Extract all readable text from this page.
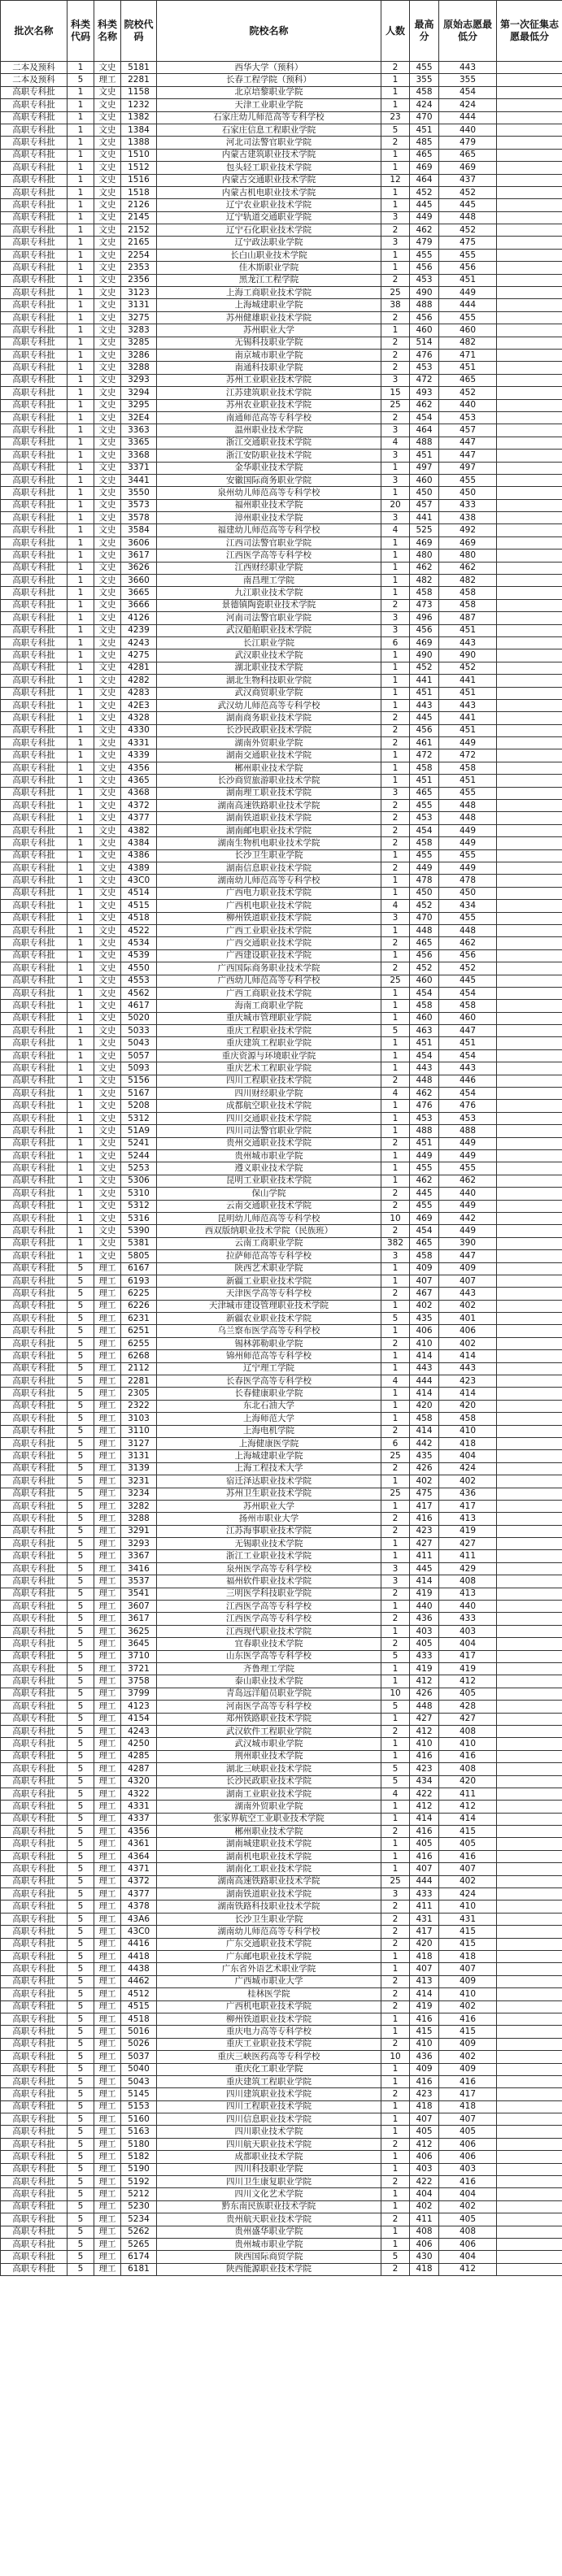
批次名称	科类代码	科类名称	院校代码	院校名称	人数	最高分	原始志愿最低分	第一次征集志愿最低分
二本及预科	1	文史	5181	西华大学（预科）	2	455	443	
二本及预科	5	理工	2281	长春工程学院（预科）	1	355	355	
高职专科批	1	文史	1158	北京培黎职业学院	1	458	454	
高职专科批	1	文史	1232	天津工业职业学院	1	424	424	
高职专科批	1	文史	1382	石家庄幼儿师范高等专科学校	23	470	444	
高职专科批	1	文史	1384	石家庄信息工程职业学院	5	451	440	
高职专科批	1	文史	1388	河北司法警官职业学院	2	485	479	
高职专科批	1	文史	1510	内蒙古建筑职业技术学院	1	465	465	
高职专科批	1	文史	1512	包头轻工职业技术学院	1	469	469	
高职专科批	1	文史	1516	内蒙古交通职业技术学院	12	464	437	
高职专科批	1	文史	1518	内蒙古机电职业技术学院	1	452	452	
高职专科批	1	文史	2126	辽宁农业职业技术学院	1	445	445	
高职专科批	1	文史	2145	辽宁轨道交通职业学院	3	449	448	
高职专科批	1	文史	2152	辽宁石化职业技术学院	2	462	452	
高职专科批	1	文史	2165	辽宁政法职业学院	3	479	475	
高职专科批	1	文史	2254	长白山职业技术学院	1	455	455	
高职专科批	1	文史	2353	佳木斯职业学院	1	456	456	
高职专科批	1	文史	2356	黑龙江工程学院	2	453	451	
高职专科批	1	文史	3123	上海工商职业技术学院	25	490	449	
高职专科批	1	文史	3131	上海城建职业学院	38	488	444	
高职专科批	1	文史	3275	苏州健雄职业技术学院	2	456	455	
高职专科批	1	文史	3283	苏州职业大学	1	460	460	
高职专科批	1	文史	3285	无锡科技职业学院	2	514	482	
高职专科批	1	文史	3286	南京城市职业学院	2	476	471	
高职专科批	1	文史	3288	南通科技职业学院	2	453	451	
高职专科批	1	文史	3293	苏州工业职业技术学院	3	472	465	
高职专科批	1	文史	3294	江苏建筑职业技术学院	15	493	452	
高职专科批	1	文史	3295	苏州农业职业技术学院	25	462	440	
高职专科批	1	文史	32E4	南通师范高等专科学校	2	454	453	
高职专科批	1	文史	3363	温州职业技术学院	3	464	457	
高职专科批	1	文史	3365	浙江交通职业技术学院	4	488	447	
高职专科批	1	文史	3368	浙江安防职业技术学院	3	451	447	
高职专科批	1	文史	3371	金华职业技术学院	1	497	497	
高职专科批	1	文史	3441	安徽国际商务职业学院	3	460	455	
高职专科批	1	文史	3550	泉州幼儿师范高等专科学校	1	450	450	
高职专科批	1	文史	3573	福州职业技术学院	20	457	433	
高职专科批	1	文史	3578	漳州职业技术学院	3	441	438	
高职专科批	1	文史	3584	福建幼儿师范高等专科学校	4	525	492	
高职专科批	1	文史	3606	江西司法警官职业学院	1	469	469	
高职专科批	1	文史	3617	江西医学高等专科学校	1	480	480	
高职专科批	1	文史	3626	江西财经职业学院	1	462	462	
高职专科批	1	文史	3660	南昌理工学院	1	482	482	
高职专科批	1	文史	3665	九江职业技术学院	1	458	458	
高职专科批	1	文史	3666	景德镇陶瓷职业技术学院	2	473	458	
高职专科批	1	文史	4126	河南司法警官职业学院	3	496	487	
高职专科批	1	文史	4239	武汉船舶职业技术学院	3	456	451	
高职专科批	1	文史	4243	长江职业学院	6	469	443	
高职专科批	1	文史	4275	武汉职业技术学院	1	490	490	
高职专科批	1	文史	4281	湖北职业技术学院	1	452	452	
高职专科批	1	文史	4282	湖北生物科技职业学院	1	441	441	
高职专科批	1	文史	4283	武汉商贸职业学院	1	451	451	
高职专科批	1	文史	42E3	武汉幼儿师范高等专科学校	1	443	443	
高职专科批	1	文史	4328	湖南商务职业技术学院	2	445	441	
高职专科批	1	文史	4330	长沙民政职业技术学院	2	456	451	
高职专科批	1	文史	4331	湖南外贸职业学院	2	461	449	
高职专科批	1	文史	4339	湖南交通职业技术学院	1	472	472	
高职专科批	1	文史	4356	郴州职业技术学院	1	458	458	
高职专科批	1	文史	4365	长沙商贸旅游职业技术学院	1	451	451	
高职专科批	1	文史	4368	湖南理工职业技术学院	3	465	455	
高职专科批	1	文史	4372	湖南高速铁路职业技术学院	2	455	448	
高职专科批	1	文史	4377	湖南铁道职业技术学院	2	453	448	
高职专科批	1	文史	4382	湖南邮电职业技术学院	2	454	449	
高职专科批	1	文史	4384	湖南生物机电职业技术学院	2	458	449	
高职专科批	1	文史	4386	长沙卫生职业学院	1	455	455	
高职专科批	1	文史	4389	湖南信息职业技术学院	2	449	449	
高职专科批	1	文史	43C0	湖南幼儿师范高等专科学校	1	478	478	
高职专科批	1	文史	4514	广西电力职业技术学院	1	450	450	
高职专科批	1	文史	4515	广西机电职业技术学院	4	452	434	
高职专科批	1	文史	4518	柳州铁道职业技术学院	3	470	455	
高职专科批	1	文史	4522	广西工业职业技术学院	1	448	448	
高职专科批	1	文史	4534	广西交通职业技术学院	2	465	462	
高职专科批	1	文史	4539	广西建设职业技术学院	1	456	456	
高职专科批	1	文史	4550	广西国际商务职业技术学院	2	452	452	
高职专科批	1	文史	4553	广西幼儿师范高等专科学校	25	460	445	
高职专科批	1	文史	4562	广西工商职业技术学院	1	454	454	
高职专科批	1	文史	4617	海南工商职业学院	1	458	458	
高职专科批	1	文史	5020	重庆城市管理职业学院	1	460	460	
高职专科批	1	文史	5033	重庆工程职业技术学院	5	463	447	
高职专科批	1	文史	5043	重庆建筑工程职业学院	1	451	451	
高职专科批	1	文史	5057	重庆资源与环境职业学院	1	454	454	
高职专科批	1	文史	5093	重庆艺术工程职业学院	1	443	443	
高职专科批	1	文史	5156	四川工程职业技术学院	2	448	446	
高职专科批	1	文史	5167	四川财经职业学院	4	462	454	
高职专科批	1	文史	5208	成都航空职业技术学院	1	476	476	
高职专科批	1	文史	5312	四川交通职业技术学院	1	453	453	
高职专科批	1	文史	51A9	四川司法警官职业学院	1	488	488	
高职专科批	1	文史	5241	贵州交通职业技术学院	2	451	449	
高职专科批	1	文史	5244	贵州城市职业学院	1	449	449	
高职专科批	1	文史	5253	遵义职业技术学院	1	455	455	
高职专科批	1	文史	5306	昆明工业职业技术学院	1	462	462	
高职专科批	1	文史	5310	保山学院	2	445	440	
高职专科批	1	文史	5312	云南交通职业技术学院	2	455	449	
高职专科批	1	文史	5316	昆明幼儿师范高等专科学校	10	469	442	
高职专科批	1	文史	5390	西双版纳职业技术学院（民族班）	2	454	449	
高职专科批	1	文史	5381	云南工商职业学院	382	465	390	
高职专科批	1	文史	5805	拉萨师范高等专科学校	3	458	447	
高职专科批	5	理工	6167	陕西艺术职业学院	1	409	409	
高职专科批	5	理工	6193	新疆工业职业技术学院	1	407	407	
高职专科批	5	理工	6225	天津医学高等专科学校	2	467	443	
高职专科批	5	理工	6226	天津城市建设管理职业技术学院	1	402	402	
高职专科批	5	理工	6231	新疆农业职业技术学院	5	435	401	
高职专科批	5	理工	6251	乌兰察布医学高等专科学校	1	406	406	
高职专科批	5	理工	6255	锡林郭勒职业学院	2	410	402	
高职专科批	5	理工	6268	锦州师范高等专科学校	1	414	414	
高职专科批	5	理工	2112	辽宁理工学院	1	443	443	
高职专科批	5	理工	2281	长春医学高等专科学校	4	444	423	
高职专科批	5	理工	2305	长春健康职业学院	1	414	414	
高职专科批	5	理工	2322	东北石油大学	1	420	420	
高职专科批	5	理工	3103	上海师范大学	1	458	458	
高职专科批	5	理工	3110	上海电机学院	2	414	410	
高职专科批	5	理工	3127	上海健康医学院	6	442	418	
高职专科批	5	理工	3131	上海城建职业学院	25	435	404	
高职专科批	5	理工	3139	上海工程技术大学	2	426	424	
高职专科批	5	理工	3231	宿迁泽达职业技术学院	1	402	402	
高职专科批	5	理工	3234	苏州卫生职业技术学院	25	475	436	
高职专科批	5	理工	3282	苏州职业大学	1	417	417	
高职专科批	5	理工	3288	扬州市职业大学	2	416	413	
高职专科批	5	理工	3291	江苏海事职业技术学院	2	423	419	
高职专科批	5	理工	3293	无锡职业技术学院	1	427	427	
高职专科批	5	理工	3367	浙江工业职业技术学院	1	411	411	
高职专科批	5	理工	3416	泉州医学高等专科学校	3	445	429	
高职专科批	5	理工	3537	福州软件职业技术学院	3	414	408	
高职专科批	5	理工	3541	三明医学科技职业学院	2	419	413	
高职专科批	5	理工	3607	江西医学高等专科学校	1	440	440	
高职专科批	5	理工	3617	江西医学高等专科学校	2	436	433	
高职专科批	5	理工	3625	江西现代职业技术学院	1	403	403	
高职专科批	5	理工	3645	宜春职业技术学院	2	405	404	
高职专科批	5	理工	3710	山东医学高等专科学校	5	433	417	
高职专科批	5	理工	3721	齐鲁理工学院	1	419	419	
高职专科批	5	理工	3758	泰山职业技术学院	1	412	412	
高职专科批	5	理工	3799	青岛远洋船员职业学院	10	426	405	
高职专科批	5	理工	4123	河南医学高等专科学校	5	448	428	
高职专科批	5	理工	4154	郑州铁路职业技术学院	1	427	427	
高职专科批	5	理工	4243	武汉软件工程职业学院	2	412	408	
高职专科批	5	理工	4250	武汉城市职业学院	1	410	410	
高职专科批	5	理工	4285	荆州职业技术学院	1	416	416	
高职专科批	5	理工	4287	湖北三峡职业技术学院	5	423	408	
高职专科批	5	理工	4320	长沙民政职业技术学院	5	434	420	
高职专科批	5	理工	4322	湖南工业职业技术学院	4	422	411	
高职专科批	5	理工	4331	湖南外贸职业学院	1	412	412	
高职专科批	5	理工	4337	张家界航空工业职业技术学院	1	414	414	
高职专科批	5	理工	4356	郴州职业技术学院	2	416	415	
高职专科批	5	理工	4361	湖南城建职业技术学院	1	405	405	
高职专科批	5	理工	4364	湖南机电职业技术学院	1	416	416	
高职专科批	5	理工	4371	湖南化工职业技术学院	1	407	407	
高职专科批	5	理工	4372	湖南高速铁路职业技术学院	25	444	402	
高职专科批	5	理工	4377	湖南铁道职业技术学院	3	433	424	
高职专科批	5	理工	4378	湖南铁路科技职业技术学院	2	411	410	
高职专科批	5	理工	43A6	长沙卫生职业学院	2	431	431	
高职专科批	5	理工	43C0	湖南幼儿师范高等专科学校	2	417	415	
高职专科批	5	理工	4416	广东交通职业技术学院	2	420	415	
高职专科批	5	理工	4418	广东邮电职业技术学院	1	418	418	
高职专科批	5	理工	4438	广东省外语艺术职业学院	1	407	407	
高职专科批	5	理工	4462	广西城市职业大学	2	413	409	
高职专科批	5	理工	4512	桂林医学院	2	414	410	
高职专科批	5	理工	4515	广西机电职业技术学院	2	419	402	
高职专科批	5	理工	4518	柳州铁道职业技术学院	1	416	416	
高职专科批	5	理工	5016	重庆电力高等专科学校	1	415	415	
高职专科批	5	理工	5026	重庆工业职业技术学院	2	410	409	
高职专科批	5	理工	5037	重庆三峡医药高等专科学校	10	436	402	
高职专科批	5	理工	5040	重庆化工职业学院	1	409	409	
高职专科批	5	理工	5043	重庆建筑工程职业学院	1	416	416	
高职专科批	5	理工	5145	四川建筑职业技术学院	2	423	417	
高职专科批	5	理工	5153	四川工程职业技术学院	1	418	418	
高职专科批	5	理工	5160	四川信息职业技术学院	1	407	407	
高职专科批	5	理工	5163	四川职业技术学院	1	405	405	
高职专科批	5	理工	5180	四川航天职业技术学院	2	412	406	
高职专科批	5	理工	5182	成都职业技术学院	1	406	406	
高职专科批	5	理工	5190	四川科技职业学院	1	403	403	
高职专科批	5	理工	5192	四川卫生康复职业学院	2	422	416	
高职专科批	5	理工	5212	四川文化艺术学院	1	404	404	
高职专科批	5	理工	5230	黔东南民族职业技术学院	1	402	402	
高职专科批	5	理工	5234	贵州航天职业技术学院	2	411	405	
高职专科批	5	理工	5262	贵州盛华职业学院	1	408	408	
高职专科批	5	理工	5265	贵州城市职业学院	1	406	406	
高职专科批	5	理工	6174	陕西国际商贸学院	5	430	404	
高职专科批	5	理工	6181	陕西能源职业技术学院	2	418	412	
